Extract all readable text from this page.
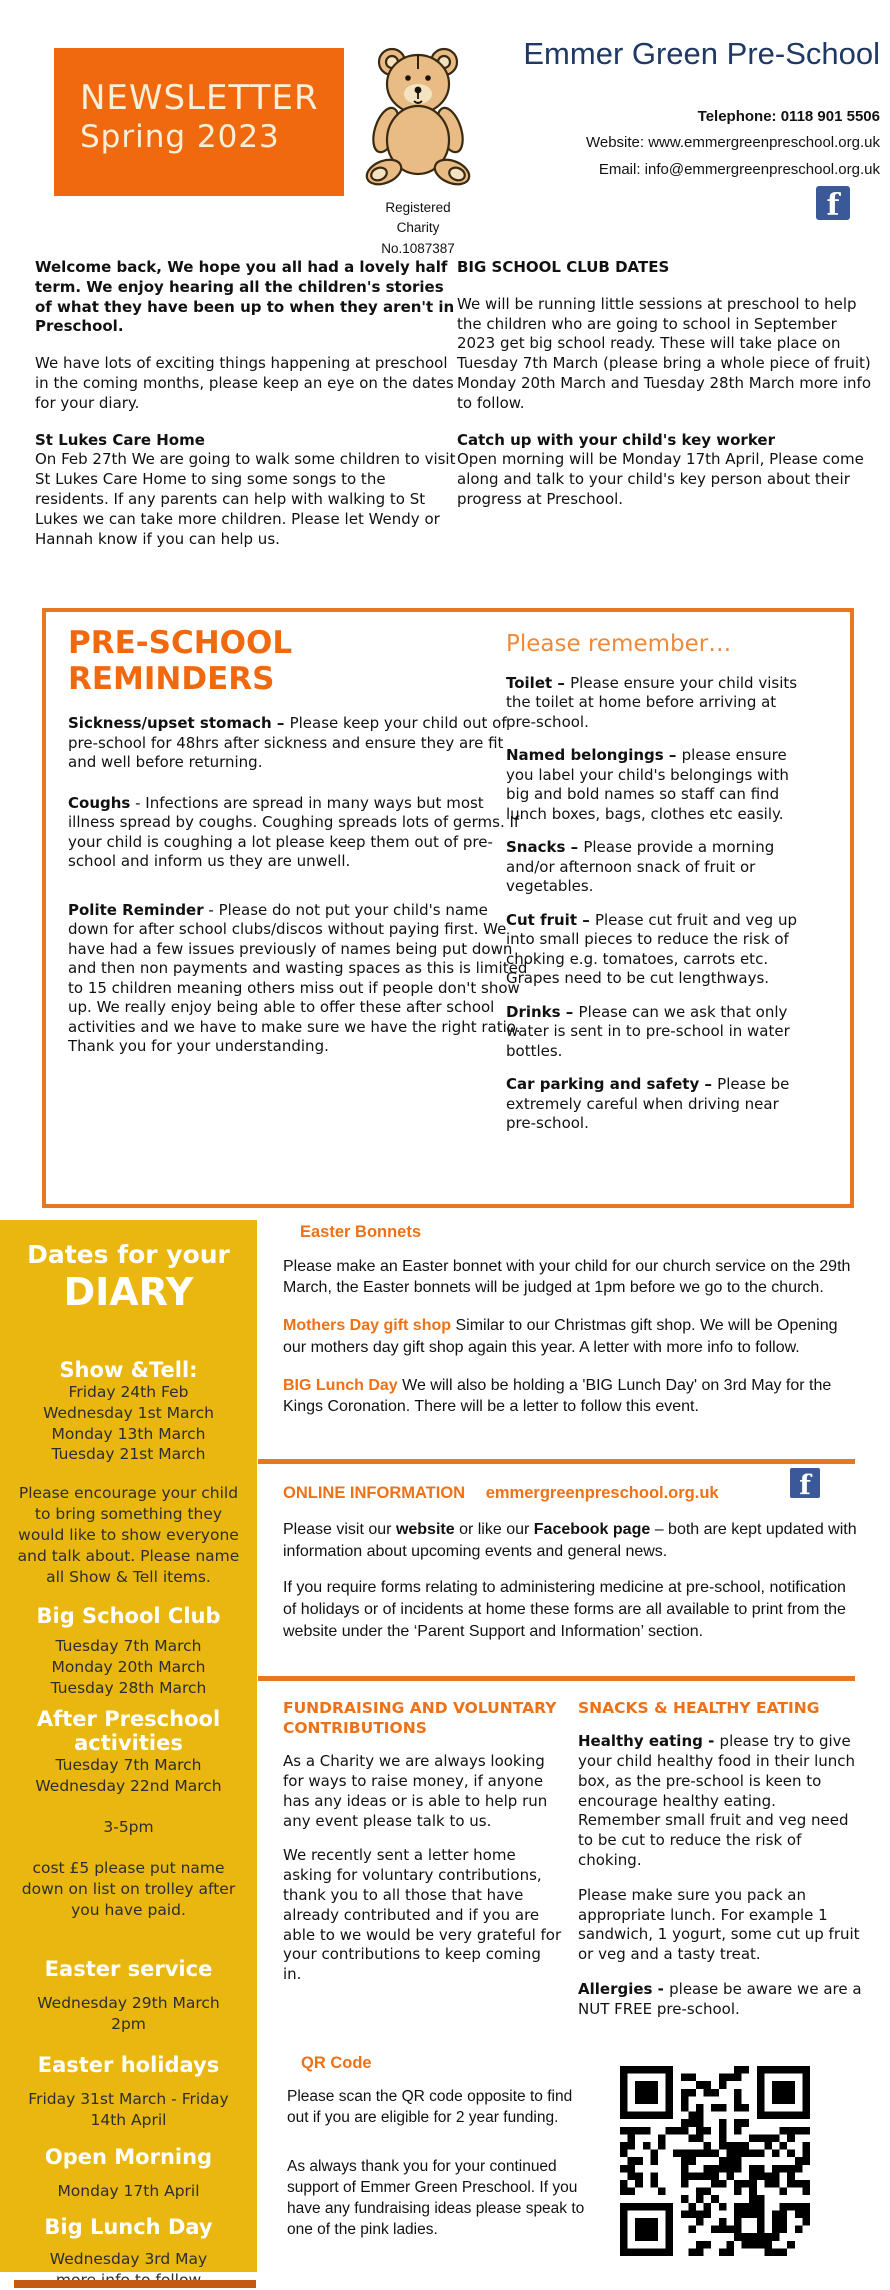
NEWSLETTER
Spring 2023
Registered
Charity
No.1087387
Emmer Green Pre-School
Telephone: 0118 901 5506
Website: www.emmergreenpreschool.org.uk
Email: info@emmergreenpreschool.org.uk
f

Welcome back, We hope you all had a lovely half term. We enjoy hearing all the children's stories of what they have been up to when they aren't in Preschool.

We have lots of exciting things happening at preschool in the coming months, please keep an eye on the dates for your diary.

St Lukes Care Home

On Feb 27th We are going to walk some children to visit St Lukes Care Home to sing some songs to the residents. If any parents can help with walking to St Lukes we can take more children. Please let Wendy or Hannah know if you can help us.

BIG SCHOOL CLUB DATES

We will be running little sessions at preschool to help the children who are going to school in September 2023 get big school ready. These will take place on Tuesday 7th March (please bring a whole piece of fruit) Monday 20th March and Tuesday 28th March more info to follow.

Catch up with your child's key worker

Open morning will be Monday 17th April, Please come along and talk to your child's key person about their progress at Preschool.

PRE-SCHOOL
REMINDERS

Sickness/upset stomach – Please keep your child out of pre-school for 48hrs after sickness and ensure they are fit and well before returning.

Coughs - Infections are spread in many ways but most illness spread by coughs. Coughing spreads lots of germs. If your child is coughing a lot please keep them out of pre-school and inform us they are unwell.

Polite Reminder - Please do not put your child's name down for after school clubs/discos without paying first. We have had a few issues previously of names being put down and then non payments and wasting spaces as this is limited to 15 children meaning others miss out if people don't show up. We really enjoy being able to offer these after school activities and we have to make sure we have the right ratio. Thank you for your understanding.

Please remember…

Toilet – Please ensure your child visits the toilet at home before arriving at pre-school.

Named belongings – please ensure you label your child's belongings with big and bold names so staff can find lunch boxes, bags, clothes etc easily.

Snacks – Please provide a morning and/or afternoon snack of fruit or vegetables.

Cut fruit – Please cut fruit and veg up into small pieces to reduce the risk of choking e.g. tomatoes, carrots etc. Grapes need to be cut lengthways.

Drinks – Please can we ask that only water is sent in to pre-school in water bottles.

Car parking and safety – Please be extremely careful when driving near pre-school.

Dates for your
DIARY
Show &Tell:
Friday 24th Feb
Wednesday 1st March
Monday 13th March
Tuesday 21st March
Please encourage your child to bring something they would like to show everyone and talk about. Please name all Show & Tell items.
Big School Club
Tuesday 7th March
Monday 20th March
Tuesday 28th March
After Preschool activities
Tuesday 7th March
Wednesday 22nd March
3-5pm
cost £5 please put name down on list on trolley after you have paid.
Easter service
Wednesday 29th March
2pm
Easter holidays
Friday 31st March - Friday 14th April
Open Morning
Monday 17th April
Big Lunch Day
Wednesday 3rd May
Easter Bonnets

Please make an Easter bonnet with your child for our church service on the 29th March, the Easter bonnets will be judged at 1pm before we go to the church.

Mothers Day gift shop Similar to our Christmas gift shop. We will be Opening our mothers day gift shop again this year. A letter with more info to follow.

BIG Lunch Day We will also be holding a 'BIG Lunch Day' on 3rd May for the Kings Coronation. There will be a letter to follow this event.

ONLINE INFORMATION emmergreenpreschool.org.uk

Please visit our website or like our Facebook page – both are kept updated with information about upcoming events and general news.

If you require forms relating to administering medicine at pre-school, notification of holidays or of incidents at home these forms are all available to print from the website under the ‘Parent Support and Information’ section.

f
FUNDRAISING AND VOLUNTARY CONTRIBUTIONS

As a Charity we are always looking for ways to raise money, if anyone has any ideas or is able to help run any event please talk to us.

We recently sent a letter home asking for voluntary contributions, thank you to all those that have already contributed and if you are able to we would be very grateful for your contributions to keep coming in.

SNACKS & HEALTHY EATING

Healthy eating - please try to give your child healthy food in their lunch box, as the pre-school is keen to encourage healthy eating. Remember small fruit and veg need to be cut to reduce the risk of choking.

Please make sure you pack an appropriate lunch. For example 1 sandwich, 1 yogurt, some cut up fruit or veg and a tasty treat.

Allergies - please be aware we are a NUT FREE pre-school.

QR Code

Please scan the QR code opposite to find out if you are eligible for 2 year funding.

As always thank you for your continued support of Emmer Green Preschool. If you have any fundraising ideas please speak to one of the pink ladies.
